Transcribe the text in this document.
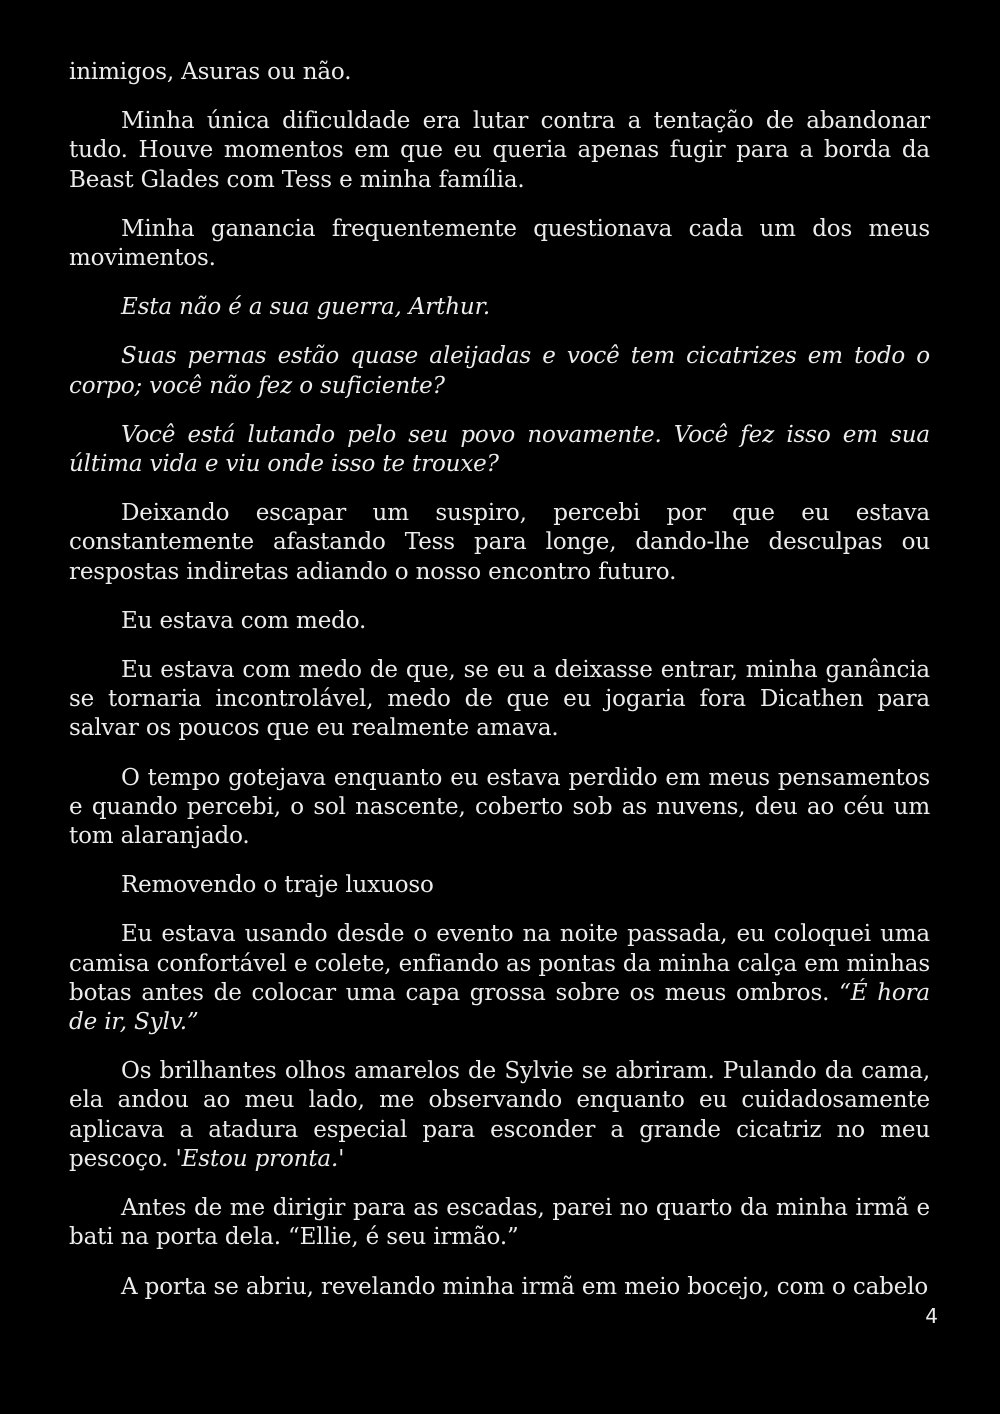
inimigos, Asuras ou não.

Minha única dificuldade era lutar contra a tentação de abandonar tudo. Houve momentos em que eu queria apenas fugir para a borda da Beast Glades com Tess e minha família.

Minha ganancia frequentemente questionava cada um dos meus movimentos.

Esta não é a sua guerra, Arthur.

Suas pernas estão quase aleijadas e você tem cicatrizes em todo o corpo; você não fez o suficiente?

Você está lutando pelo seu povo novamente. Você fez isso em sua última vida e viu onde isso te trouxe?

Deixando escapar um suspiro, percebi por que eu estava constantemente afastando Tess para longe, dando-lhe desculpas ou respostas indiretas adiando o nosso encontro futuro.

Eu estava com medo.

Eu estava com medo de que, se eu a deixasse entrar, minha ganância se tornaria incontrolável, medo de que eu jogaria fora Dicathen para salvar os poucos que eu realmente amava.

O tempo gotejava enquanto eu estava perdido em meus pensamentos e quando percebi, o sol nascente, coberto sob as nuvens, deu ao céu um tom alaranjado.

Removendo o traje luxuoso

Eu estava usando desde o evento na noite passada, eu coloquei uma camisa confortável e colete, enfiando as pontas da minha calça em minhas botas antes de colocar uma capa grossa sobre os meus ombros. “É hora de ir, Sylv.”

Os brilhantes olhos amarelos de Sylvie se abriram. Pulando da cama, ela andou ao meu lado, me observando enquanto eu cuidadosamente aplicava a atadura especial para esconder a grande cicatriz no meu pescoço. 'Estou pronta.'

Antes de me dirigir para as escadas, parei no quarto da minha irmã e bati na porta dela. “Ellie, é seu irmão.”

A porta se abriu, revelando minha irmã em meio bocejo, com o cabelo

4
